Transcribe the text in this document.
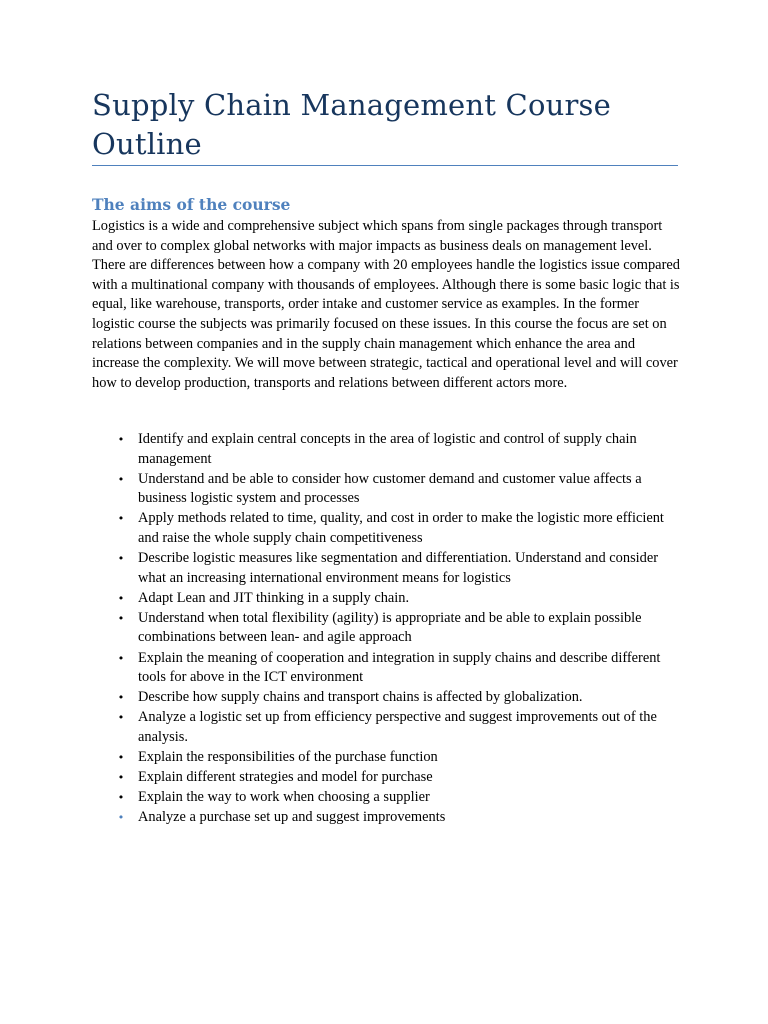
Supply Chain Management Course Outline
The aims of the course

Logistics is a wide and comprehensive subject which spans from single packages through transport and over to complex global networks with major impacts as business deals on management level. There are differences between how a company with 20 employees handle the logistics issue compared with a multinational company with thousands of employees. Although there is some basic logic that is equal, like warehouse, transports, order intake and customer service as examples. In the former logistic course the subjects was primarily focused on these issues. In this course the focus are set on relations between companies and in the supply chain management which enhance the area and increase the complexity. We will move between strategic, tactical and operational level and will cover how to develop production, transports and relations between different actors more.

• Identify and explain central concepts in the area of logistic and control of supply chain management
• Understand and be able to consider how customer demand and customer value affects a business logistic system and processes
• Apply methods related to time, quality, and cost in order to make the logistic more efficient and raise the whole supply chain competitiveness
• Describe logistic measures like segmentation and differentiation. Understand and consider what an increasing international environment means for logistics
• Adapt Lean and JIT thinking in a supply chain.
• Understand when total flexibility (agility) is appropriate and be able to explain possible combinations between lean- and agile approach
• Explain the meaning of cooperation and integration in supply chains and describe different tools for above in the ICT environment
• Describe how supply chains and transport chains is affected by globalization.
• Analyze a logistic set up from efficiency perspective and suggest improvements out of the analysis.
• Explain the responsibilities of the purchase function
• Explain different strategies and model for purchase
• Explain the way to work when choosing a supplier
• Analyze a purchase set up and suggest improvements
